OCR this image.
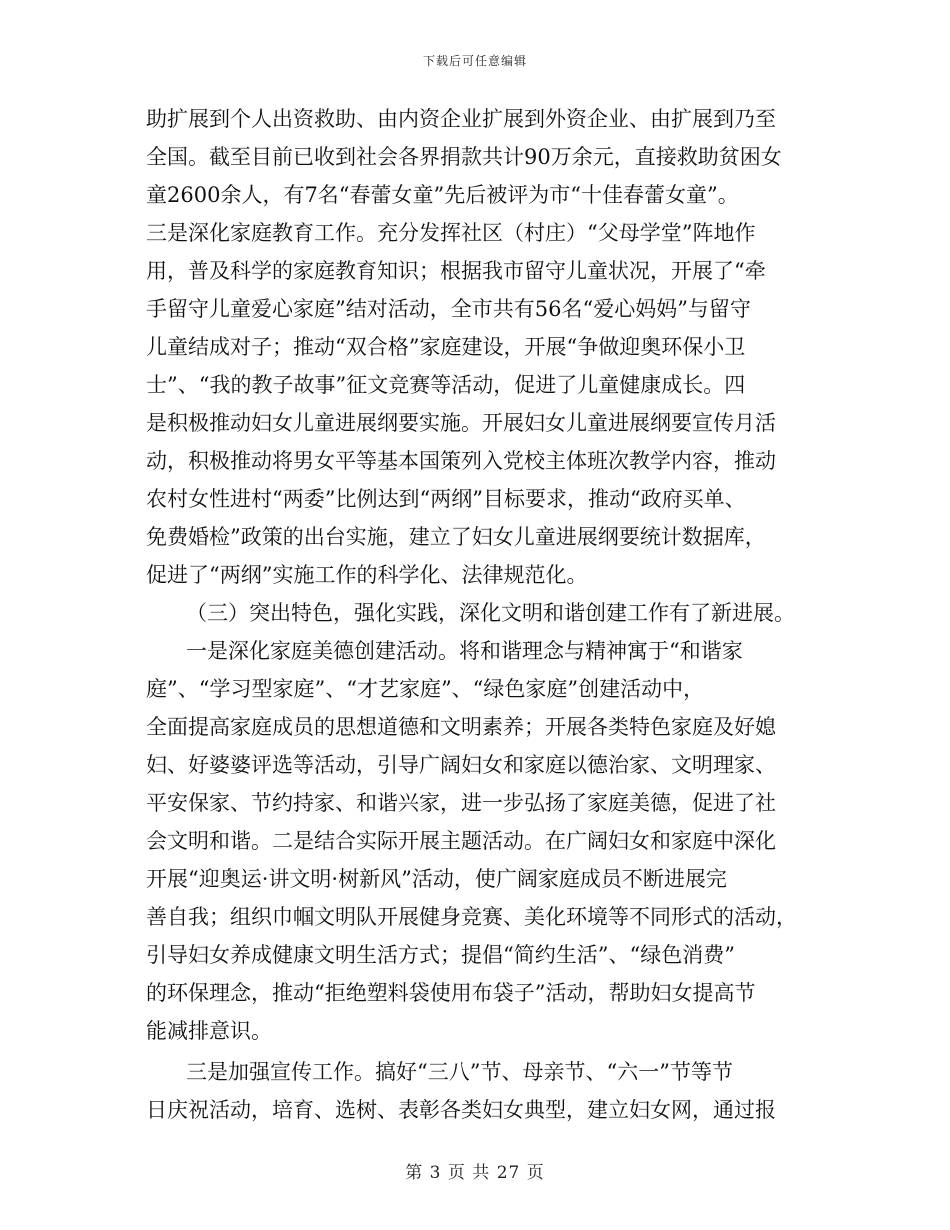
下载后可任意编辑
助扩展到个人出资救助、由内资企业扩展到外资企业、由扩展到乃至
全国。截至目前已收到社会各界捐款共计90万余元，直接救助贫困女
童2600余人，有7名“春蕾女童”先后被评为市“十佳春蕾女童”。
三是深化家庭教育工作。充分发挥社区（村庄）“父母学堂”阵地作
用，普及科学的家庭教育知识；根据我市留守儿童状况，开展了“牵
手留守儿童爱心家庭”结对活动，全市共有56名“爱心妈妈”与留守
儿童结成对子；推动“双合格”家庭建设，开展“争做迎奥环保小卫
士”、“我的教子故事”征文竞赛等活动，促进了儿童健康成长。四
是积极推动妇女儿童进展纲要实施。开展妇女儿童进展纲要宣传月活
动，积极推动将男女平等基本国策列入党校主体班次教学内容，推动
农村女性进村“两委”比例达到“两纲”目标要求，推动“政府买单、
免费婚检”政策的出台实施，建立了妇女儿童进展纲要统计数据库，
促进了“两纲”实施工作的科学化、法律规范化。
（三）突出特色，强化实践，深化文明和谐创建工作有了新进展。
一是深化家庭美德创建活动。将和谐理念与精神寓于“和谐家
庭”、“学习型家庭”、“才艺家庭”、“绿色家庭”创建活动中，
全面提高家庭成员的思想道德和文明素养；开展各类特色家庭及好媳
妇、好婆婆评选等活动，引导广阔妇女和家庭以德治家、文明理家、
平安保家、节约持家、和谐兴家，进一步弘扬了家庭美德，促进了社
会文明和谐。二是结合实际开展主题活动。在广阔妇女和家庭中深化
开展“迎奥运·讲文明·树新风”活动，使广阔家庭成员不断进展完
善自我；组织巾帼文明队开展健身竞赛、美化环境等不同形式的活动，
引导妇女养成健康文明生活方式；提倡“简约生活”、“绿色消费”
的环保理念，推动“拒绝塑料袋使用布袋子”活动，帮助妇女提高节
能减排意识。
三是加强宣传工作。搞好“三八”节、母亲节、“六一”节等节
日庆祝活动，培育、选树、表彰各类妇女典型，建立妇女网，通过报
第 3 页 共 27 页
